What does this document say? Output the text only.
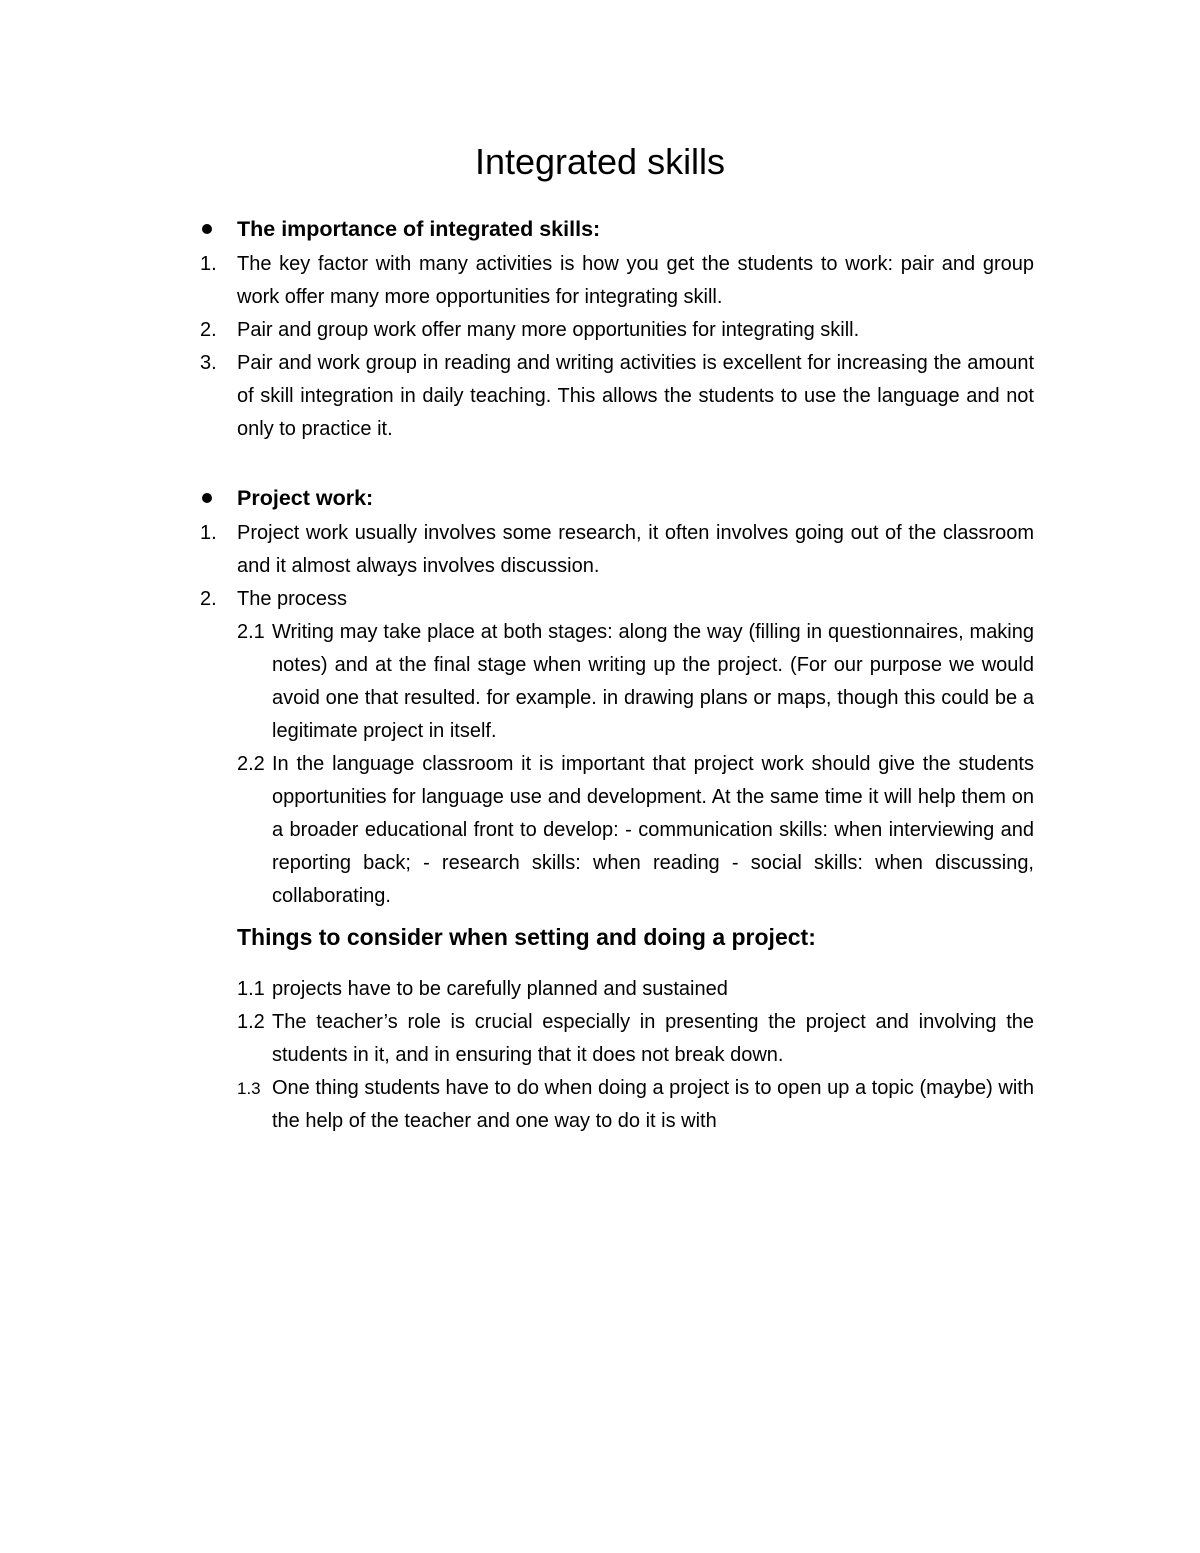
Integrated skills
The importance of integrated skills:
1.	The key factor with many activities is how you get the students to work: pair and group work offer many more opportunities for integrating skill.
2.	Pair and group work offer many more opportunities for integrating skill.
3.	Pair and work group in reading and writing activities is excellent for increasing the amount of skill integration in daily teaching. This allows the students to use the language and not only to practice it.
Project work:
1.	Project work usually involves some research, it often involves going out of the classroom and it almost always involves discussion.
2.	The process
2.1 Writing may take place at both stages: along the way (filling in questionnaires, making notes) and at the final stage when writing up the project. (For our purpose we would avoid one that resulted. for example. in drawing plans or maps, though this could be a legitimate project in itself.
2.2 In the language classroom it is important that project work should give the students opportunities for language use and development. At the same time it will help them on a broader educational front to develop: - communication skills: when interviewing and reporting back; - research skills: when reading - social skills: when discussing, collaborating.
Things to consider when setting and doing a project:
1.1 projects have to be carefully planned and sustained
1.2 The teacher’s role is crucial especially in presenting the project and involving the students in it, and in ensuring that it does not break down.
1.3 One thing students have to do when doing a project is to open up a topic (maybe) with the help of the teacher and one way to do it is with
